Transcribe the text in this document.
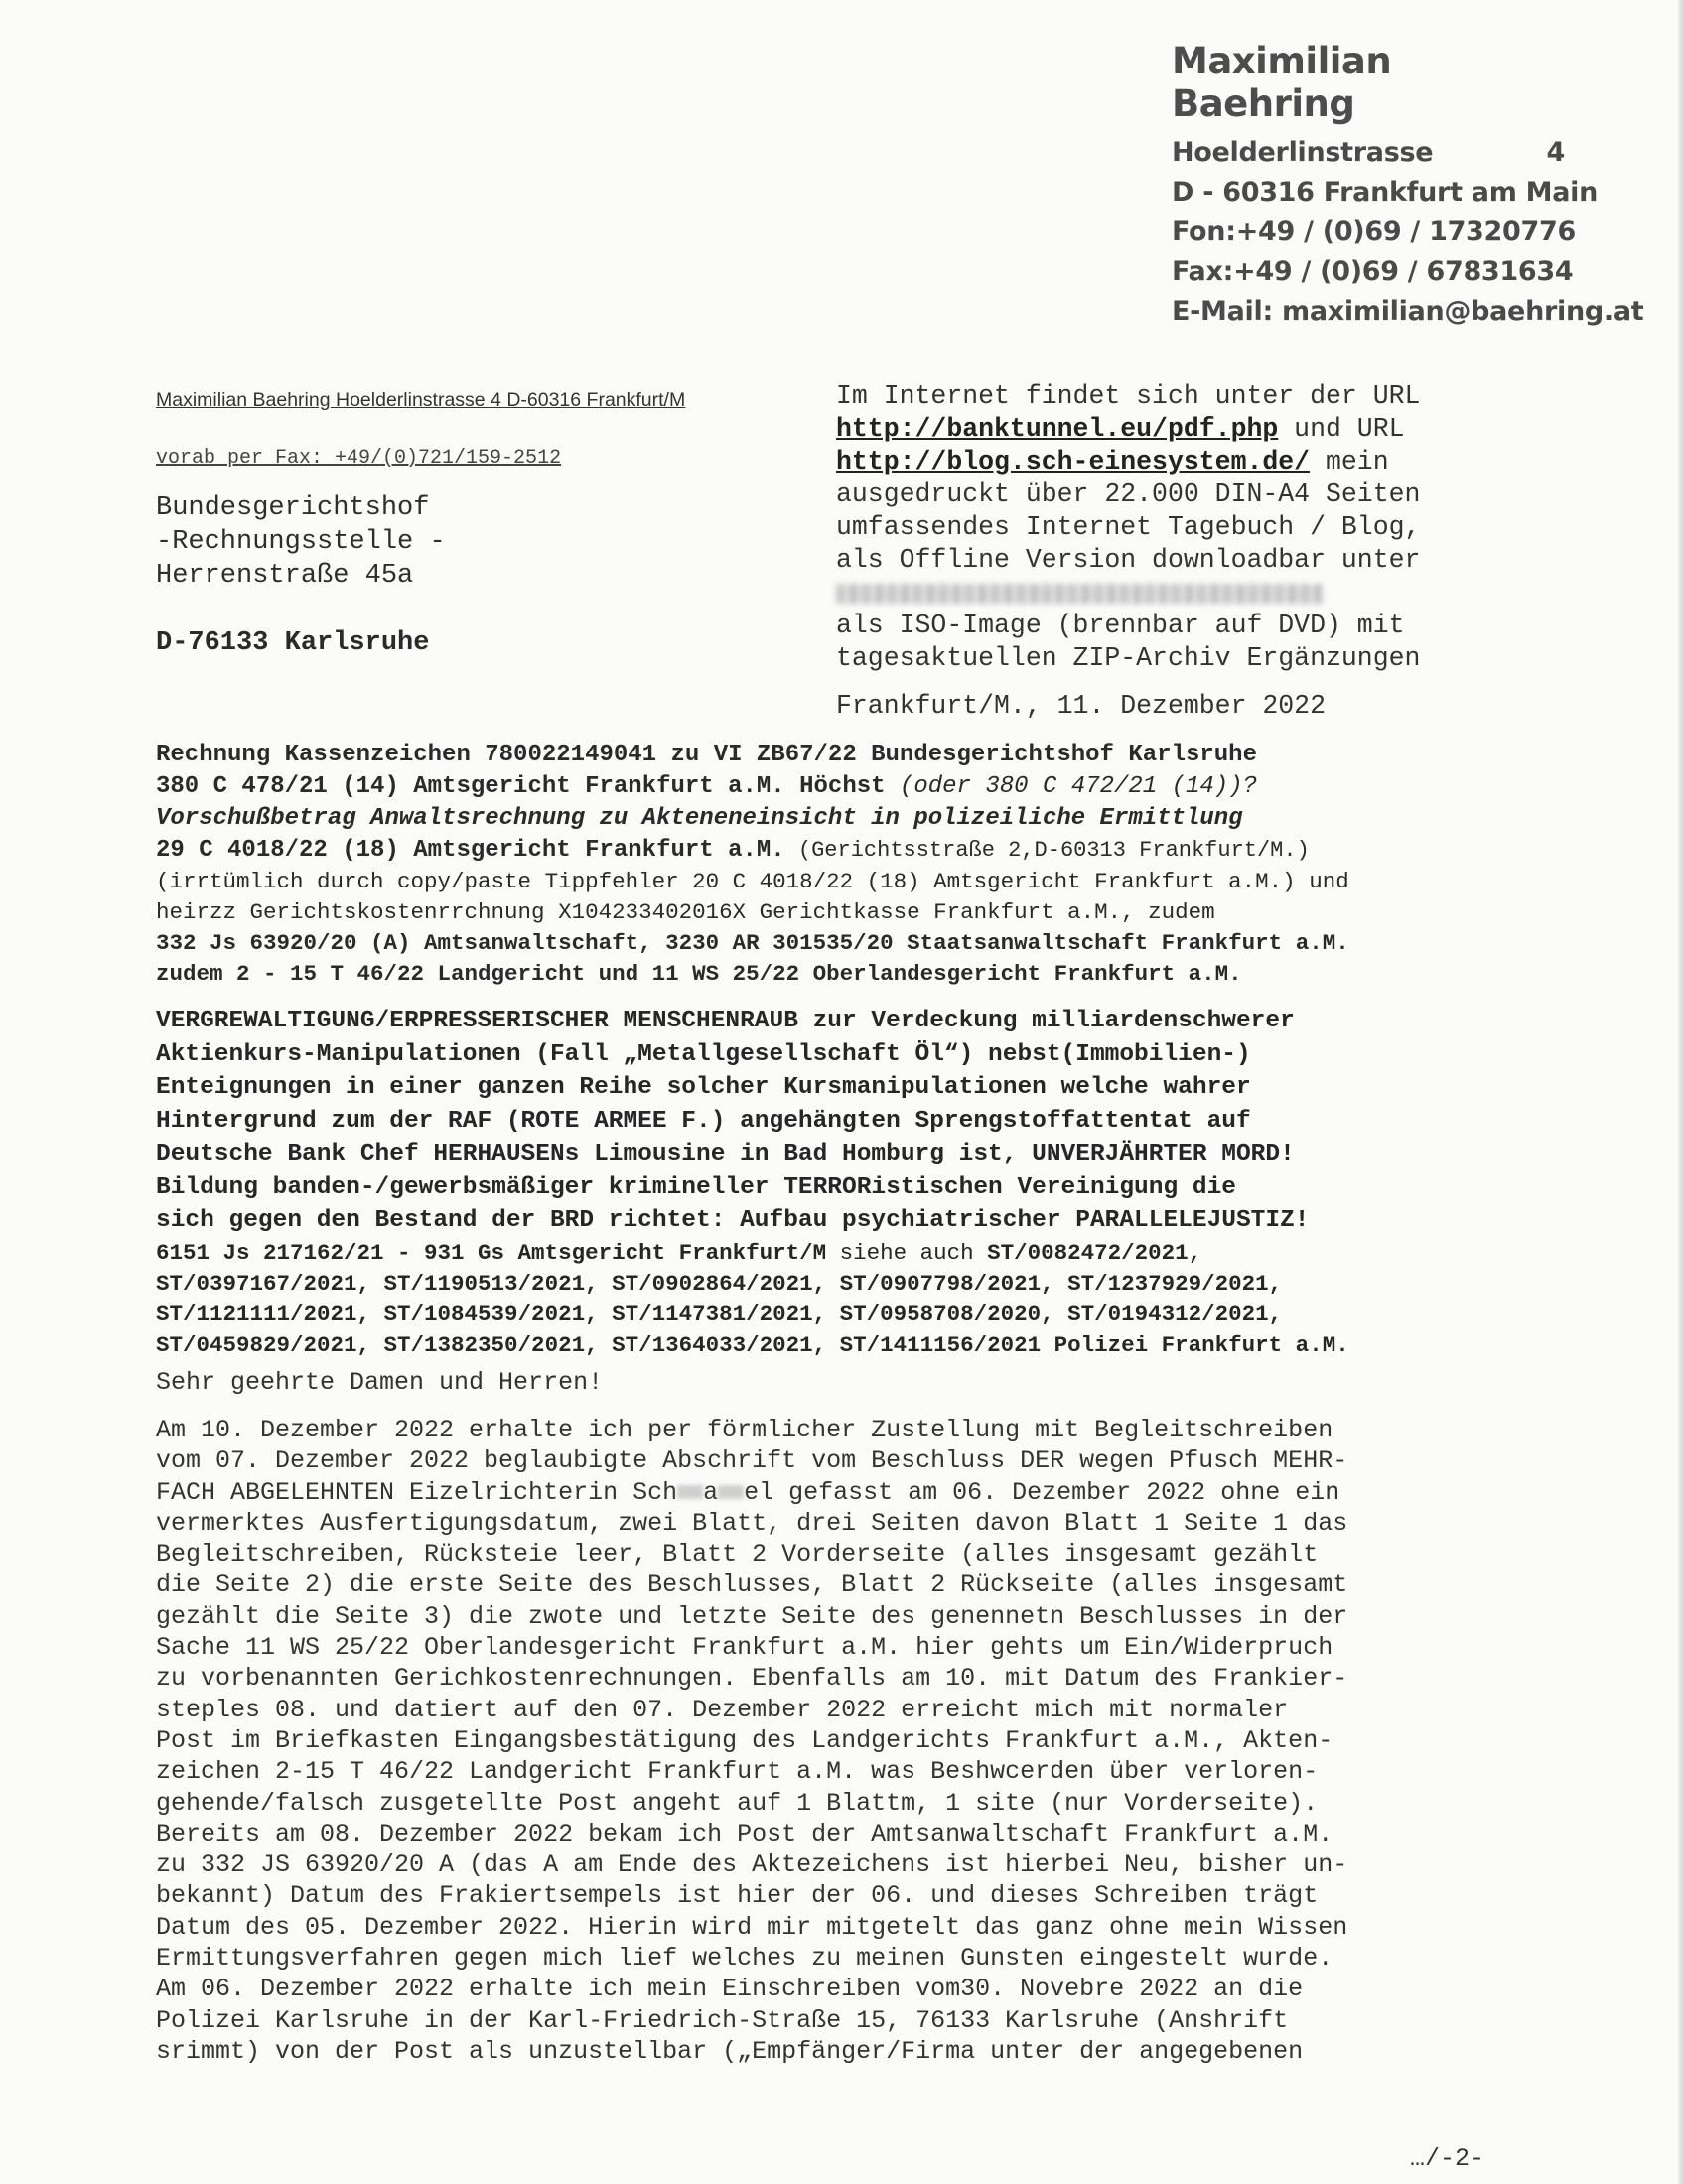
Maximilian Baehring
Hoelderlinstrasse	4
D - 60316 Frankfurt am Main
Fon: +49 / (0)69 / 17320776
Fax: +49 / (0)69 / 67831634
E-Mail: maximilian@baehring.at
Maximilian Baehring Hoelderlinstrasse 4 D-60316 Frankfurt/M
vorab per Fax: +49/(0)721/159-2512
Bundesgerichtshof
-Rechnungsstelle -
Herrenstraße 45a
D-76133 Karlsruhe
Im Internet findet sich unter der URL
http://banktunnel.eu/pdf.php und URL
http://blog.sch-einesystem.de/ mein
ausgedruckt über 22.000 DIN-A4 Seiten
umfassendes Internet Tagebuch / Blog,
als Offline Version downloadbar unter
als ISO-Image (brennbar auf DVD) mit
tagesaktuellen ZIP-Archiv Ergänzungen
Frankfurt/M., 11. Dezember 2022
Rechnung Kassenzeichen 780022149041 zu VI ZB67/22 Bundesgerichtshof Karlsruhe
380 C 478/21 (14) Amtsgericht Frankfurt a.M. Höchst (oder 380 C 472/21 (14))?
Vorschußbetrag Anwaltsrechnung zu Akteneneinsicht in polizeiliche Ermittlung
29 C 4018/22 (18) Amtsgericht Frankfurt a.M. (Gerichtsstraße 2,D-60313 Frankfurt/M.)
(irrtümlich durch copy/paste Tippfehler 20 C 4018/22 (18) Amtsgericht Frankfurt a.M.) und
heirzz Gerichtskostenrrchnung X104233402016X Gerichtkasse Frankfurt a.M., zudem
332 Js 63920/20 (A) Amtsanwaltschaft, 3230 AR 301535/20 Staatsanwaltschaft Frankfurt a.M.
zudem 2 - 15 T 46/22 Landgericht und 11 WS 25/22 Oberlandesgericht Frankfurt a.M.
VERGREWALTIGUNG/ERPRESSERISCHER MENSCHENRAUB zur Verdeckung milliardenschwerer
Aktienkurs-Manipulationen (Fall „Metallgesellschaft Öl“) nebst(Immobilien-)
Enteignungen in einer ganzen Reihe solcher Kursmanipulationen welche wahrer
Hintergrund zum der RAF (ROTE ARMEE F.) angehängten Sprengstoffattentat auf
Deutsche Bank Chef HERHAUSENs Limousine in Bad Homburg ist, UNVERJÄHRTER MORD!
Bildung banden-/gewerbsmäßiger krimineller TERRORistischen Vereinigung die
sich gegen den Bestand der BRD richtet: Aufbau psychiatrischer PARALLELEJUSTIZ!
6151 Js 217162/21 - 931 Gs Amtsgericht Frankfurt/M siehe auch ST/0082472/2021,
ST/0397167/2021, ST/1190513/2021, ST/0902864/2021, ST/0907798/2021, ST/1237929/2021,
ST/1121111/2021, ST/1084539/2021, ST/1147381/2021, ST/0958708/2020, ST/0194312/2021,
ST/0459829/2021, ST/1382350/2021, ST/1364033/2021, ST/1411156/2021 Polizei Frankfurt a.M.
Sehr geehrte Damen und Herren!
Am 10. Dezember 2022 erhalte ich per förmlicher Zustellung mit Begleitschreiben
vom 07. Dezember 2022 beglaubigte Abschrift vom Beschluss DER wegen Pfusch MEHR-
FACH ABGELEHNTEN Eizelrichterin Sch a el gefasst am 06. Dezember 2022 ohne ein
vermerktes Ausfertigungsdatum, zwei Blatt, drei Seiten davon Blatt 1 Seite 1 das
Begleitschreiben, Rücksteie leer, Blatt 2 Vorderseite (alles insgesamt gezählt
die Seite 2) die erste Seite des Beschlusses, Blatt 2 Rückseite (alles insgesamt
gezählt die Seite 3) die zwote und letzte Seite des genennetn Beschlusses in der
Sache 11 WS 25/22 Oberlandesgericht Frankfurt a.M. hier gehts um Ein/Widerpruch
zu vorbenannten Gerichkostenrechnungen. Ebenfalls am 10. mit Datum des Frankier-
steples 08. und datiert auf den 07. Dezember 2022 erreicht mich mit normaler
Post im Briefkasten Eingangsbestätigung des Landgerichts Frankfurt a.M., Akten-
zeichen 2-15 T 46/22 Landgericht Frankfurt a.M. was Beshwcerden über verloren-
gehende/falsch zusgetellte Post angeht auf 1 Blattm, 1 site (nur Vorderseite).
Bereits am 08. Dezember 2022 bekam ich Post der Amtsanwaltschaft Frankfurt a.M.
zu 332 JS 63920/20 A (das A am Ende des Aktezeichens ist hierbei Neu, bisher un-
bekannt) Datum des Frakiertsempels ist hier der 06. und dieses Schreiben trägt
Datum des 05. Dezember 2022. Hierin wird mir mitgetelt das ganz ohne mein Wissen
Ermittungsverfahren gegen mich lief welches zu meinen Gunsten eingestelt wurde.
Am 06. Dezember 2022 erhalte ich mein Einschreiben vom30. Novebre 2022 an die
Polizei Karlsruhe in der Karl-Friedrich-Straße 15, 76133 Karlsruhe (Anshrift
srimmt) von der Post als unzustellbar („Empfänger/Firma unter der angegebenen
…/-2-
